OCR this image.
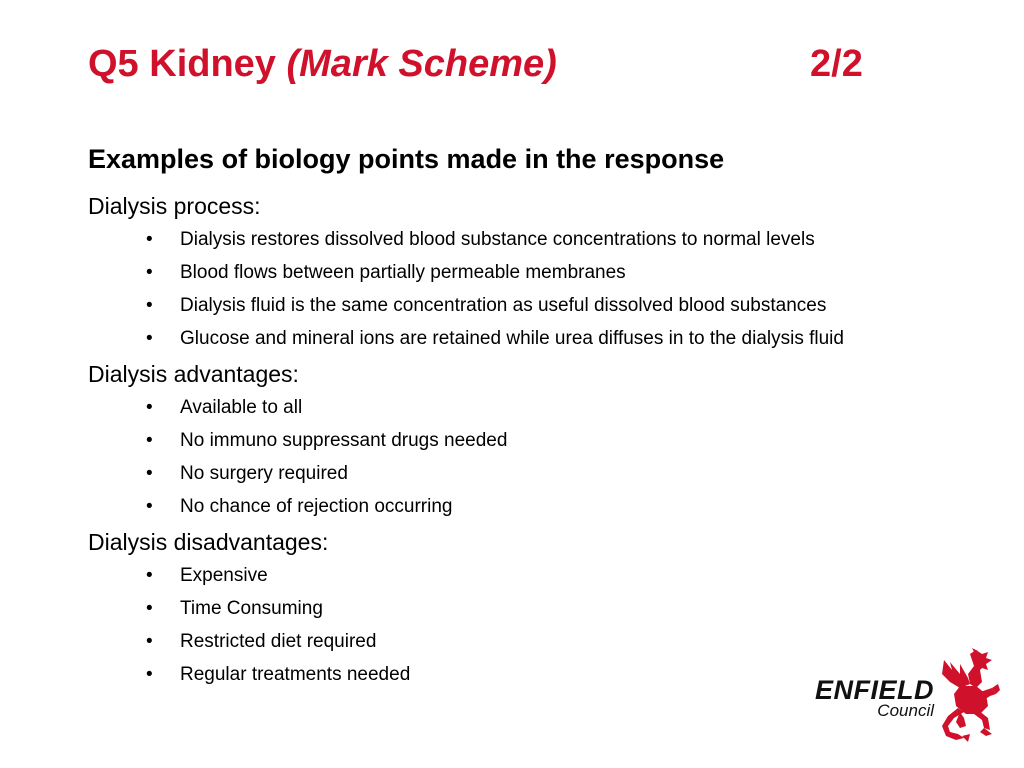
Q5 Kidney (Mark Scheme)	2/2
Examples of biology points made in the response

Dialysis process:

• Dialysis restores dissolved blood substance concentrations to normal levels
• Blood flows between partially permeable membranes
• Dialysis fluid is the same concentration as useful dissolved blood substances
• Glucose and mineral ions are retained while urea diffuses in to the dialysis fluid

Dialysis advantages:

• Available to all
• No immuno suppressant drugs needed
• No surgery required
• No chance of rejection occurring

Dialysis disadvantages:

• Expensive
• Time Consuming
• Restricted diet required
• Regular treatments needed
ENFIELD
Council
